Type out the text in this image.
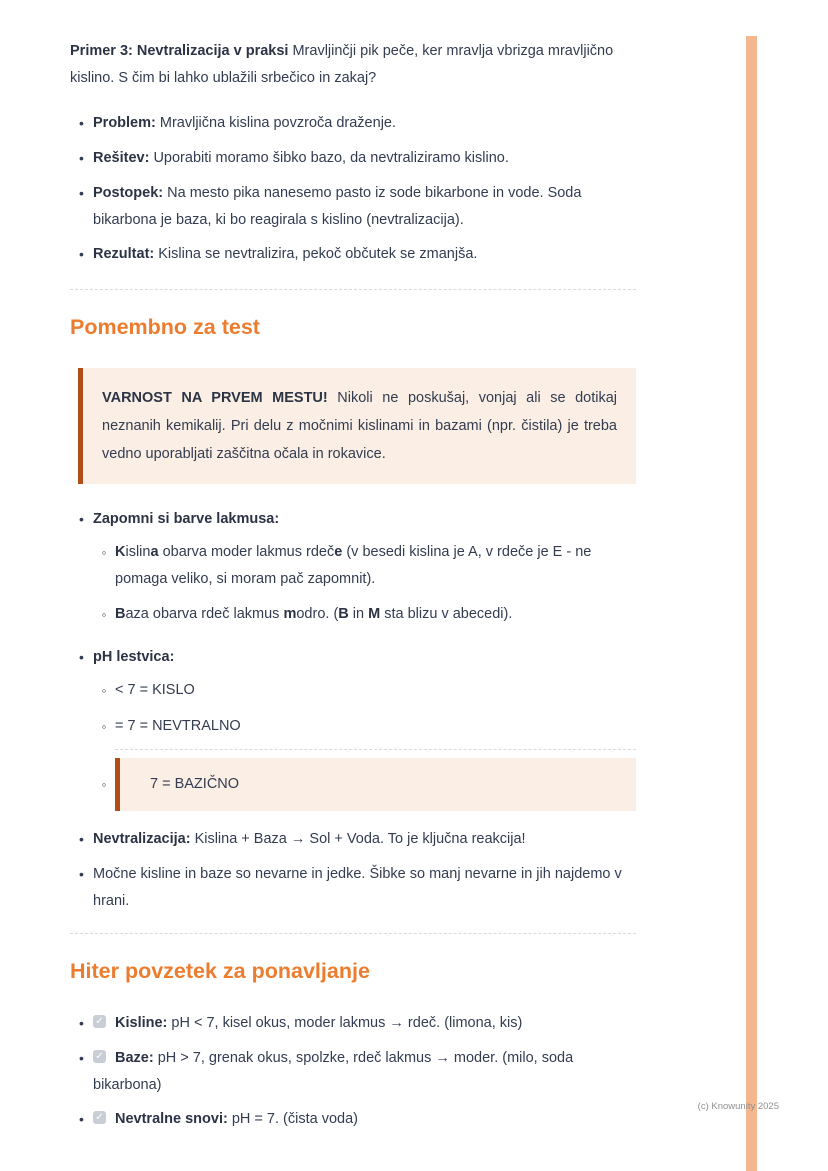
Primer 3: Nevtralizacija v praksi Mravljinčji pik peče, ker mravlja vbrizga mravljično kislino. S čim bi lahko ublažili srbečico in zakaj?

•
Problem: Mravljična kislina povzroča draženje.
•
Rešitev: Uporabiti moramo šibko bazo, da nevtraliziramo kislino.
•
Postopek: Na mesto pika nanesemo pasto iz sode bikarbone in vode. Soda bikarbona je baza, ki bo reagirala s kislino (nevtralizacija).
•
Rezultat: Kislina se nevtralizira, pekoč občutek se zmanjša.
Pomembno za test
VARNOST NA PRVEM MESTU! Nikoli ne poskušaj, vonjaj ali se dotikaj neznanih kemikalij. Pri delu z močnimi kislinami in bazami (npr. čistila) je treba vedno uporabljati zaščitna očala in rokavice.
•
Zapomni si barve lakmusa:
◦
Kislina obarva moder lakmus rdeče (v besedi kislina je A, v rdeče je E - ne pomaga veliko, si moram pač zapomnit).
◦
Baza obarva rdeč lakmus modro. (B in M sta blizu v abecedi).
•
pH lestvica:
◦
< 7 = KISLO
◦
= 7 = NEVTRALNO
◦
7 = BAZIČNO
•
Nevtralizacija: Kislina + Baza → Sol + Voda. To je ključna reakcija!
•
Močne kisline in baze so nevarne in jedke. Šibke so manj nevarne in jih najdemo v hrani.
Hiter povzetek za ponavljanje
•
✓Kisline: pH < 7, kisel okus, moder lakmus → rdeč. (limona, kis)
•
✓Baze: pH > 7, grenak okus, spolzke, rdeč lakmus → moder. (milo, soda bikarbona)
•
✓Nevtralne snovi: pH = 7. (čista voda)
(c) Knowunity 2025
